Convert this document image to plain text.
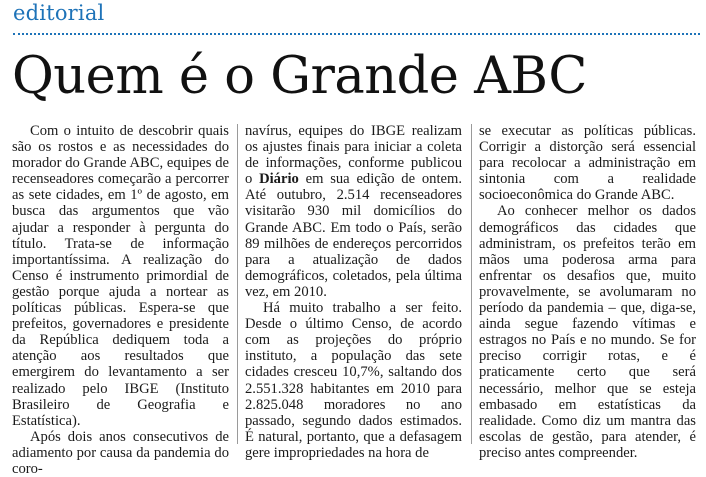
editorial
Quem é o Grande ABC

Com o intuito de descobrir quais são os rostos e as necessidades do morador do Grande ABC, equipes de recenseadores começarão a percorrer as sete cidades, em 1º de agosto, em busca das argumentos que vão ajudar a responder à pergunta do título. Trata-se de informação importantíssima. A realização do Censo é instrumento primordial de gestão porque ajuda a nortear as políticas públicas. Espera-se que prefeitos, governadores e presidente da República dediquem toda a atenção aos resultados que emergirem do levantamento a ser realizado pelo IBGE (Instituto Brasileiro de Geografia e Estatística).

Após dois anos consecutivos de adiamento por causa da pandemia do coro-

navírus, equipes do IBGE realizam os ajustes finais para iniciar a coleta de informações, conforme publicou o Diário em sua edição de ontem. Até outubro, 2.514 recenseadores visitarão 930 mil domicílios do Grande ABC. Em todo o País, serão 89 milhões de endereços percorridos para a atualização de dados demográficos, coletados, pela última vez, em 2010.

Há muito trabalho a ser feito. Desde o último Censo, de acordo com as projeções do próprio instituto, a população das sete cidades cresceu 10,7%, saltando dos 2.551.328 habitantes em 2010 para 2.825.048 moradores no ano passado, segundo dados estimados. É natural, portanto, que a defasagem gere impropriedades na hora de

se executar as políticas públicas. Corrigir a distorção será essencial para recolocar a administração em sintonia com a realidade socioeconômica do Grande ABC.

Ao conhecer melhor os dados demográficos das cidades que administram, os prefeitos terão em mãos uma poderosa arma para enfrentar os desafios que, muito provavelmente, se avolumaram no período da pandemia – que, diga-se, ainda segue fazendo vítimas e estragos no País e no mundo. Se for preciso corrigir rotas, e é praticamente certo que será necessário, melhor que se esteja embasado em estatísticas da realidade. Como diz um mantra das escolas de gestão, para atender, é preciso antes compreender.
